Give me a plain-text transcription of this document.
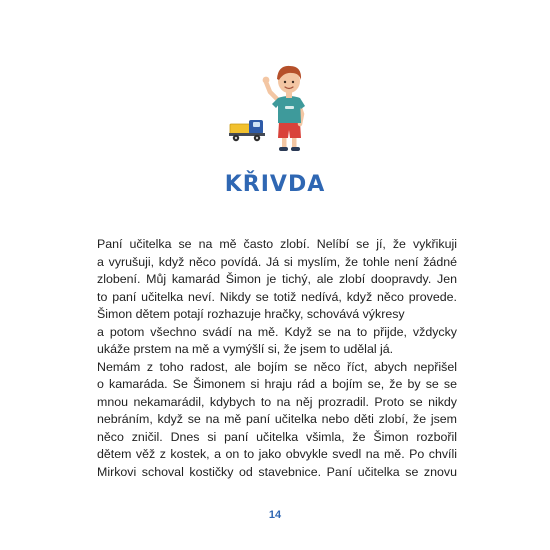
KŘIVDA
Paní učitelka se na mě často zlobí. Nelíbí se jí, že vykřikuji
a vyrušuji, když něco povídá. Já si myslím, že tohle není žádné
zlobení. Můj kamarád Šimon je tichý, ale zlobí doopravdy. Jen
to paní učitelka neví. Nikdy se totiž nedívá, když něco provede.
Šimon dětem potají rozhazuje hračky, schovává výkresy
a potom všechno svádí na mě. Když se na to přijde, vždycky
ukáže prstem na mě a vymýšlí si, že jsem to udělal já.
Nemám z toho radost, ale bojím se něco říct, abych nepřišel
o kamaráda. Se Šimonem si hraju rád a bojím se, že by se se
mnou nekamarádil, kdybych to na něj prozradil. Proto se nikdy
nebráním, když se na mě paní učitelka nebo děti zlobí, že jsem
něco zničil. Dnes si paní učitelka všimla, že Šimon rozbořil
dětem věž z kostek, a on to jako obvykle svedl na mě. Po chvíli
Mirkovi schoval kostičky od stavebnice. Paní učitelka se znovu
14
